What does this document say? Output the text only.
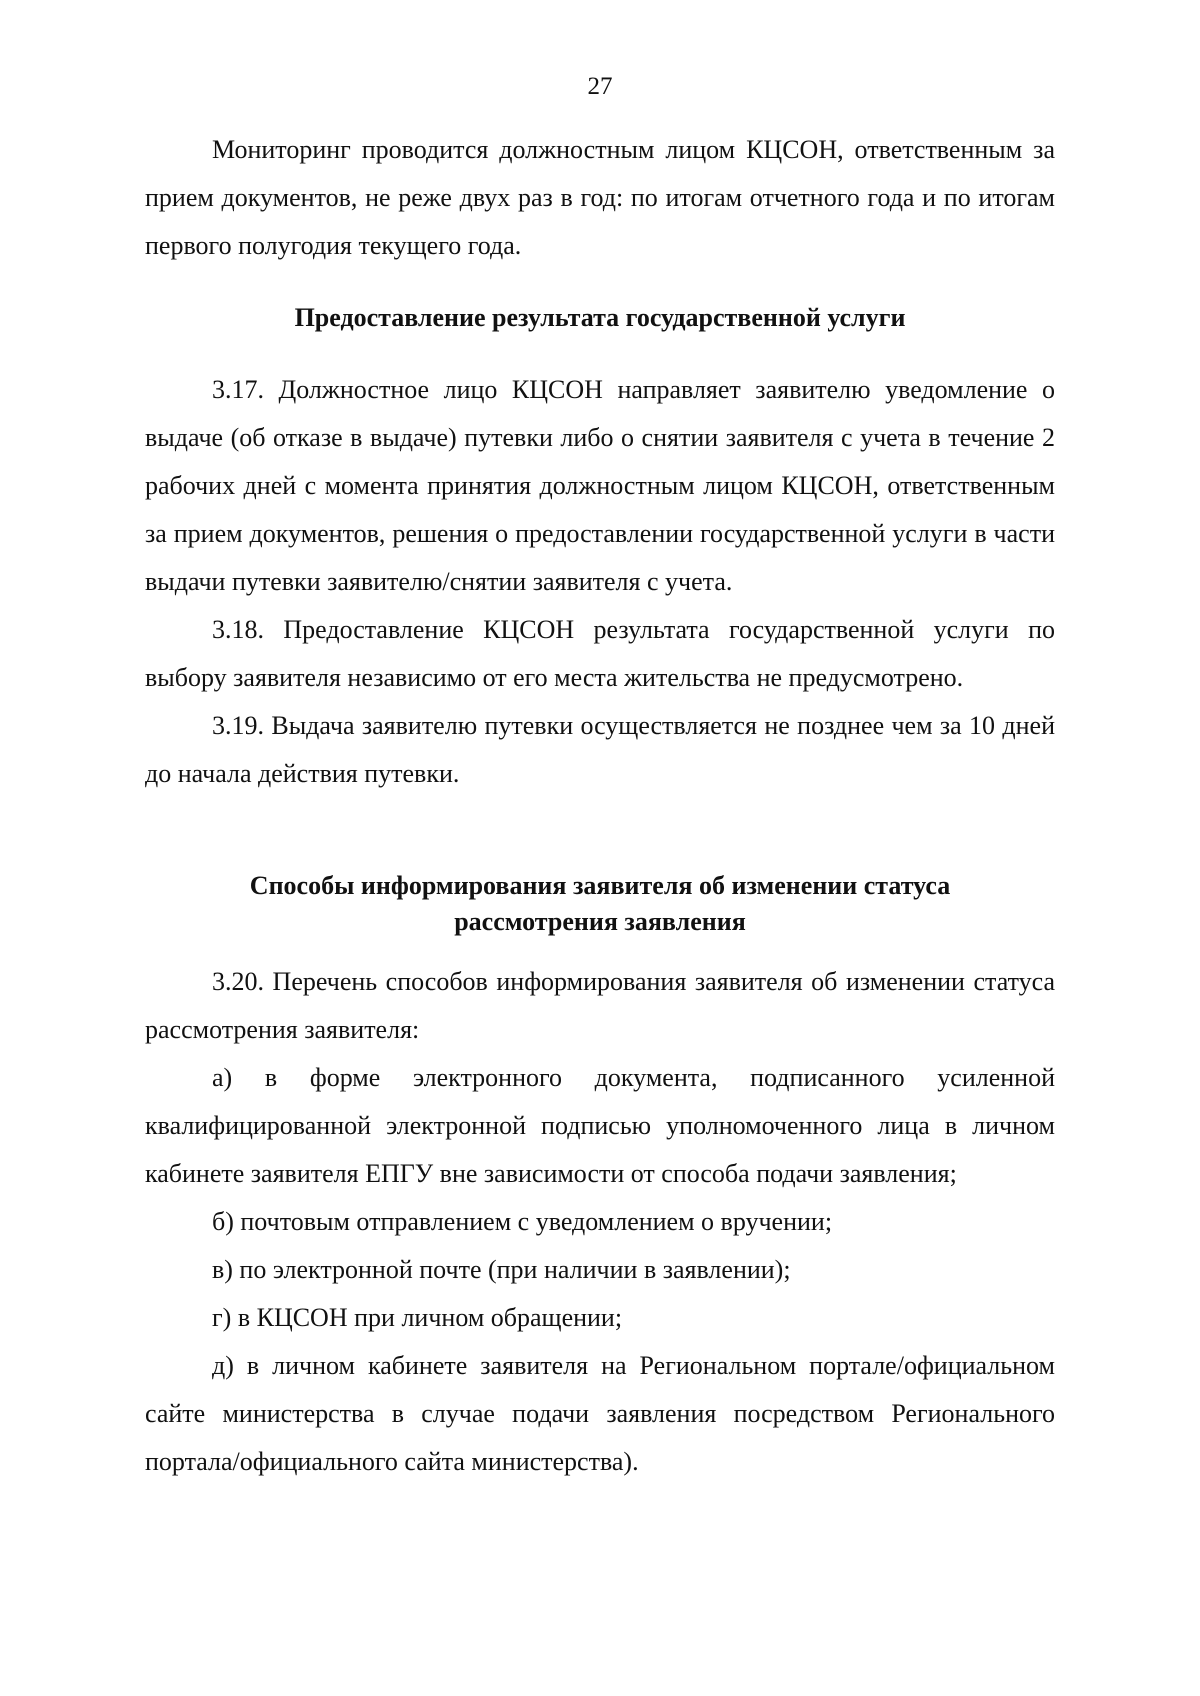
27

Мониторинг проводится должностным лицом КЦСОН, ответственным за прием документов, не реже двух раз в год: по итогам отчетного года и по итогам первого полугодия текущего года.

Предоставление результата государственной услуги

3.17. Должностное лицо КЦСОН направляет заявителю уведомление о выдаче (об отказе в выдаче) путевки либо о снятии заявителя с учета в течение 2 рабочих дней с момента принятия должностным лицом КЦСОН, ответственным за прием документов, решения о предоставлении государственной услуги в части выдачи путевки заявителю/снятии заявителя с учета.

3.18. Предоставление КЦСОН результата государственной услуги по выбору заявителя независимо от его места жительства не предусмотрено.

3.19. Выдача заявителю путевки осуществляется не позднее чем за 10 дней до начала действия путевки.

Способы информирования заявителя об изменении статуса
рассмотрения заявления

3.20. Перечень способов информирования заявителя об изменении статуса рассмотрения заявителя:

а) в форме электронного документа, подписанного усиленной квалифицированной электронной подписью уполномоченного лица в личном кабинете заявителя ЕПГУ вне зависимости от способа подачи заявления;

б) почтовым отправлением с уведомлением о вручении;

в) по электронной почте (при наличии в заявлении);

г) в КЦСОН при личном обращении;

д) в личном кабинете заявителя на Региональном портале/официальном сайте министерства в случае подачи заявления посредством Регионального портала/официального сайта министерства).
